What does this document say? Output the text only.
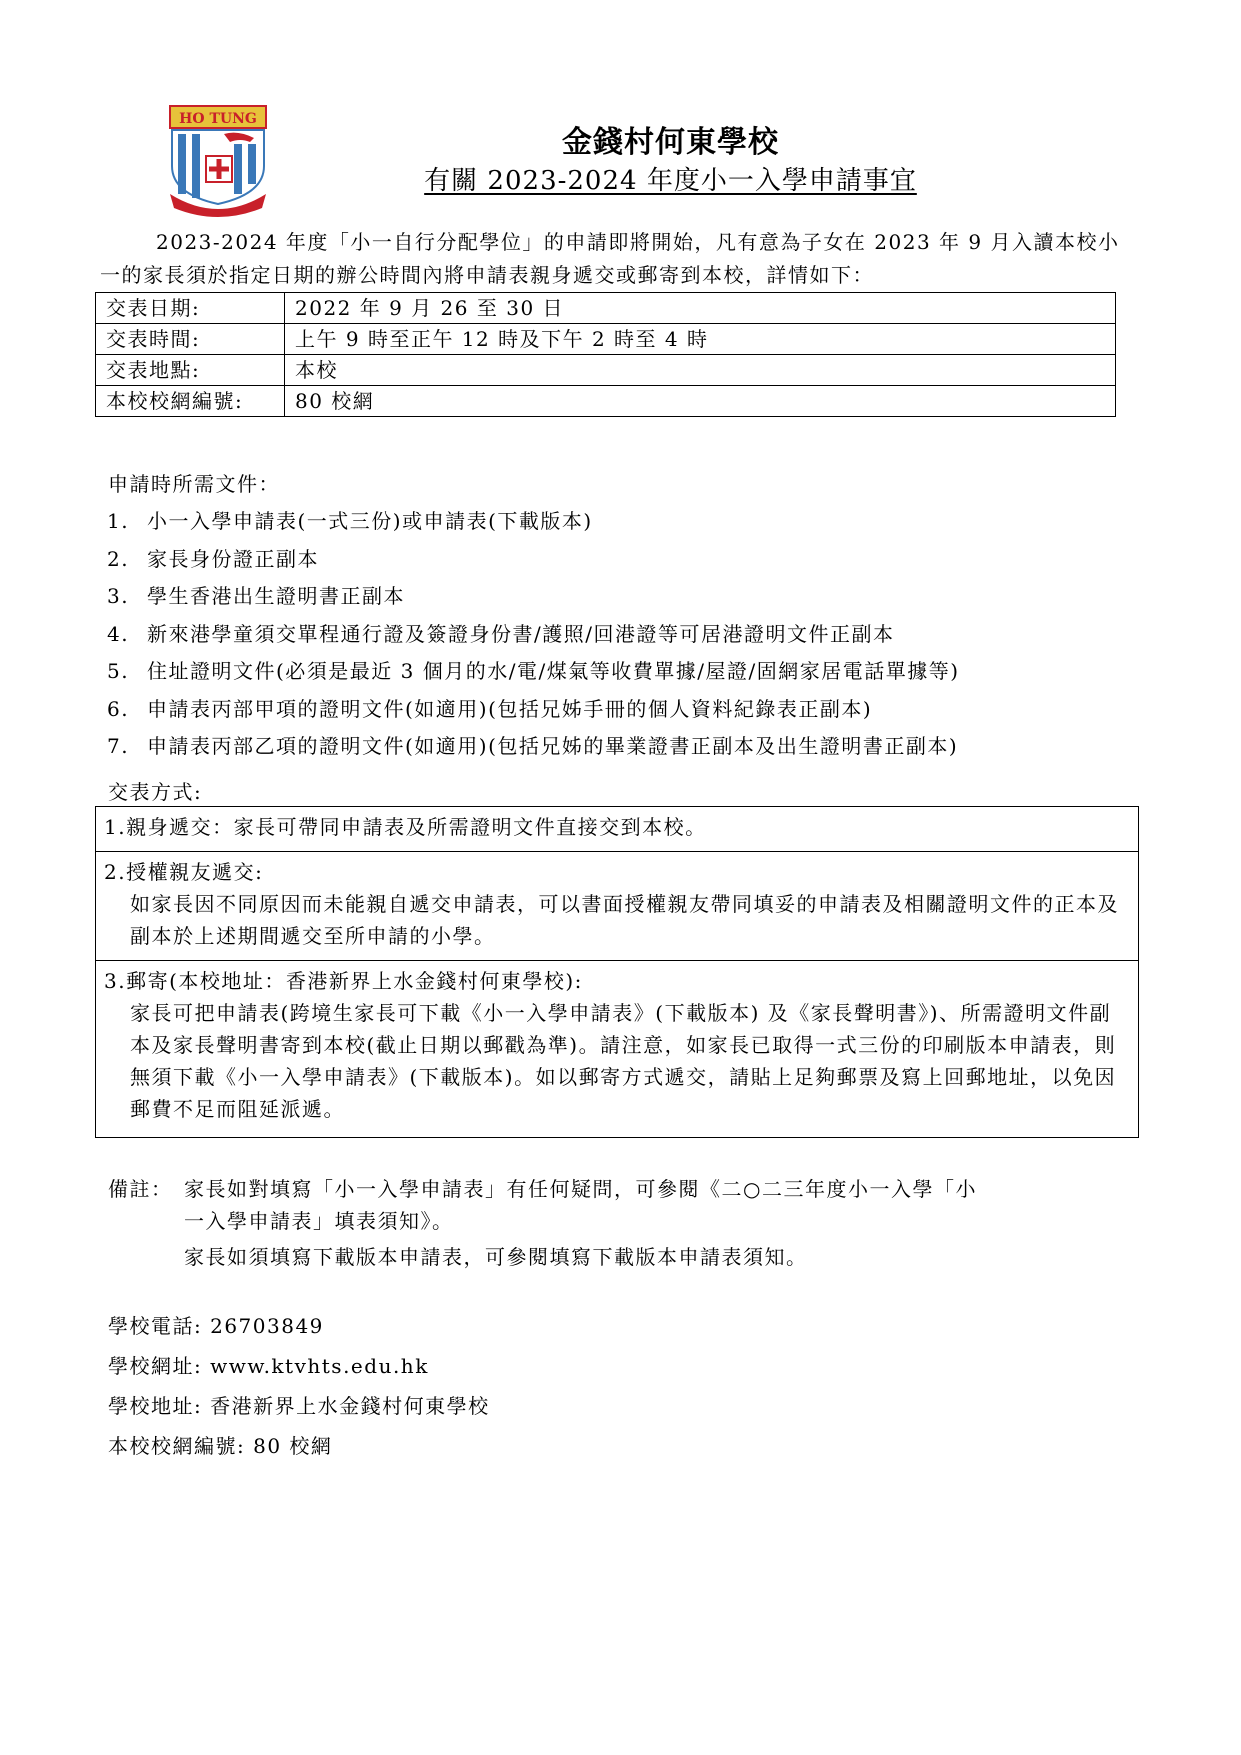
HO TUNG
金錢村何東學校
有關 2023-2024 年度小一入學申請事宜
2023-2024 年度「小一自行分配學位」的申請即將開始，凡有意為子女在 2023 年 9 月入讀本校小一的家長須於指定日期的辦公時間內將申請表親身遞交或郵寄到本校，詳情如下：
交表日期:	2022 年 9 月 26 至 30 日
交表時間:	上午 9 時至正午 12 時及下午 2 時至 4 時
交表地點:	本校
本校校網編號:	80 校網
申請時所需文件：
1. 小一入學申請表(一式三份)或申請表(下載版本)
2. 家長身份證正副本
3. 學生香港出生證明書正副本
4. 新來港學童須交單程通行證及簽證身份書/護照/回港證等可居港證明文件正副本
5. 住址證明文件(必須是最近 3 個月的水/電/煤氣等收費單據/屋證/固網家居電話單據等)
6. 申請表丙部甲項的證明文件(如適用)(包括兄姊手冊的個人資料紀錄表正副本)
7. 申請表丙部乙項的證明文件(如適用)(包括兄姊的畢業證書正副本及出生證明書正副本)
交表方式:
1.親身遞交：家長可帶同申請表及所需證明文件直接交到本校。
2.授權親友遞交:
如家長因不同原因而未能親自遞交申請表，可以書面授權親友帶同填妥的申請表及相關證明文件的正本及副本於上述期間遞交至所申請的小學。
3.郵寄(本校地址：香港新界上水金錢村何東學校):
家長可把申請表(跨境生家長可下載《小一入學申請表》(下載版本) 及《家長聲明書》)、所需證明文件副本及家長聲明書寄到本校(截止日期以郵戳為準)。請注意，如家長已取得一式三份的印刷版本申請表，則無須下載《小一入學申請表》(下載版本)。如以郵寄方式遞交，請貼上足夠郵票及寫上回郵地址，以免因郵費不足而阻延派遞。
備註： 家長如對填寫「小一入學申請表」有任何疑問，可參閱《二○二三年度小一入學「小
一入學申請表」填表須知》。
家長如須填寫下載版本申請表，可參閱填寫下載版本申請表須知。
學校電話: 26703849
學校網址: www.ktvhts.edu.hk
學校地址: 香港新界上水金錢村何東學校
本校校網編號: 80 校網
